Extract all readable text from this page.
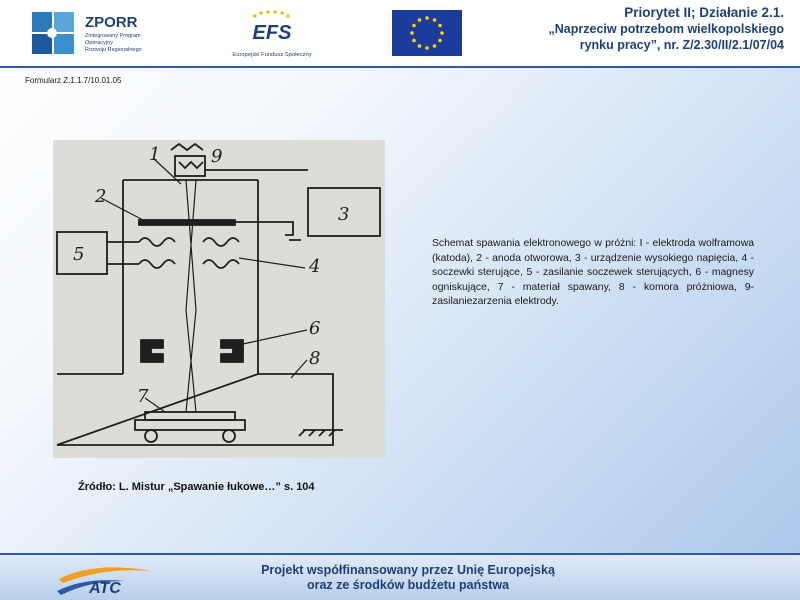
ZPORR
Zintegrowany Program
Operacyjny
Rozwoju Regionalnego
EFS
Europejski Fundusz Społeczny
Priorytet II; Działanie 2.1.
„Naprzeciw potrzebom wielkopolskiego
rynku pracy”, nr. Z/2.30/II/2.1/07/04
Formularz Z.1.1.7/10.01.05
1	9
2
3
5
4
6
8
7
Schemat spawania elektronowego w próżni: I - elektroda wolframowa (katoda), 2 - anoda otworowa, 3 - urządzenie wysokiego napięcia, 4 - soczewki sterujące, 5 - zasilanie soczewek sterujących, 6 - magnesy ogniskujące, 7 - materiał spawany, 8 - komora próżniowa, 9-zasilaniezarzenia elektrody.
Źródło: L. Mistur „Spawanie łukowe…” s. 104
ATC
Projekt współfinansowany przez Unię Europejską
oraz ze środków budżetu państwa
